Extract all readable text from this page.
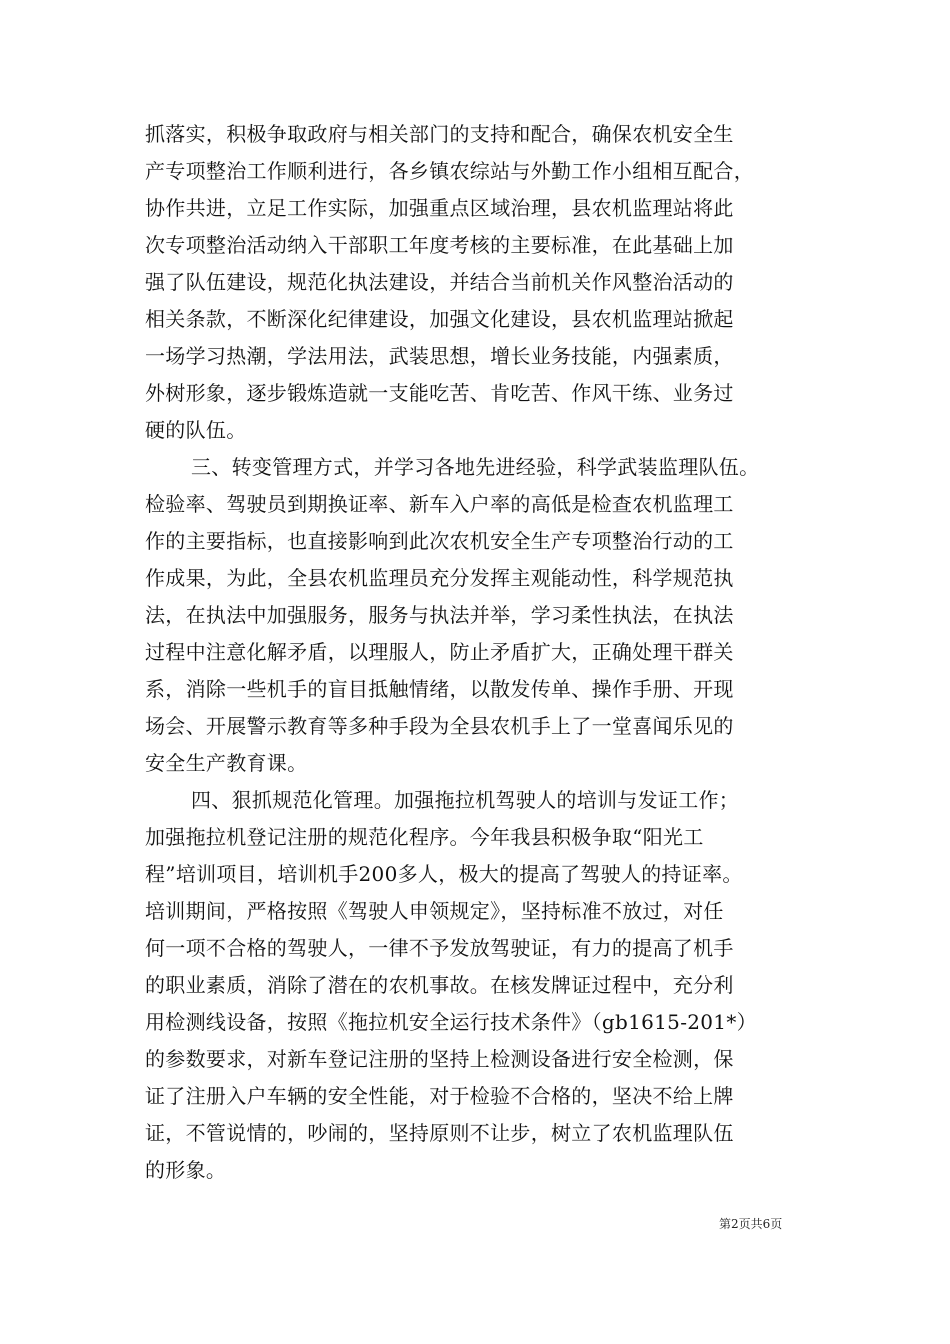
抓落实，积极争取政府与相关部门的支持和配合，确保农机安全生
产专项整治工作顺利进行，各乡镇农综站与外勤工作小组相互配合，
协作共进，立足工作实际，加强重点区域治理，县农机监理站将此
次专项整治活动纳入干部职工年度考核的主要标准，在此基础上加
强了队伍建设，规范化执法建设，并结合当前机关作风整治活动的
相关条款，不断深化纪律建设，加强文化建设，县农机监理站掀起
一场学习热潮，学法用法，武装思想，增长业务技能，内强素质，
外树形象，逐步锻炼造就一支能吃苦、肯吃苦、作风干练、业务过
硬的队伍。
三、转变管理方式，并学习各地先进经验，科学武装监理队伍。
检验率、驾驶员到期换证率、新车入户率的高低是检查农机监理工
作的主要指标，也直接影响到此次农机安全生产专项整治行动的工
作成果，为此，全县农机监理员充分发挥主观能动性，科学规范执
法，在执法中加强服务，服务与执法并举，学习柔性执法，在执法
过程中注意化解矛盾，以理服人，防止矛盾扩大，正确处理干群关
系，消除一些机手的盲目抵触情绪，以散发传单、操作手册、开现
场会、开展警示教育等多种手段为全县农机手上了一堂喜闻乐见的
安全生产教育课。
四、狠抓规范化管理。加强拖拉机驾驶人的培训与发证工作；
加强拖拉机登记注册的规范化程序。今年我县积极争取“阳光工
程”培训项目，培训机手200多人，极大的提高了驾驶人的持证率。
培训期间，严格按照《驾驶人申领规定》，坚持标准不放过，对任
何一项不合格的驾驶人，一律不予发放驾驶证，有力的提高了机手
的职业素质，消除了潜在的农机事故。在核发牌证过程中，充分利
用检测线设备，按照《拖拉机安全运行技术条件》（gb1615-201*）
的参数要求，对新车登记注册的坚持上检测设备进行安全检测，保
证了注册入户车辆的安全性能，对于检验不合格的，坚决不给上牌
证，不管说情的，吵闹的，坚持原则不让步，树立了农机监理队伍
的形象。
第2页共6页
